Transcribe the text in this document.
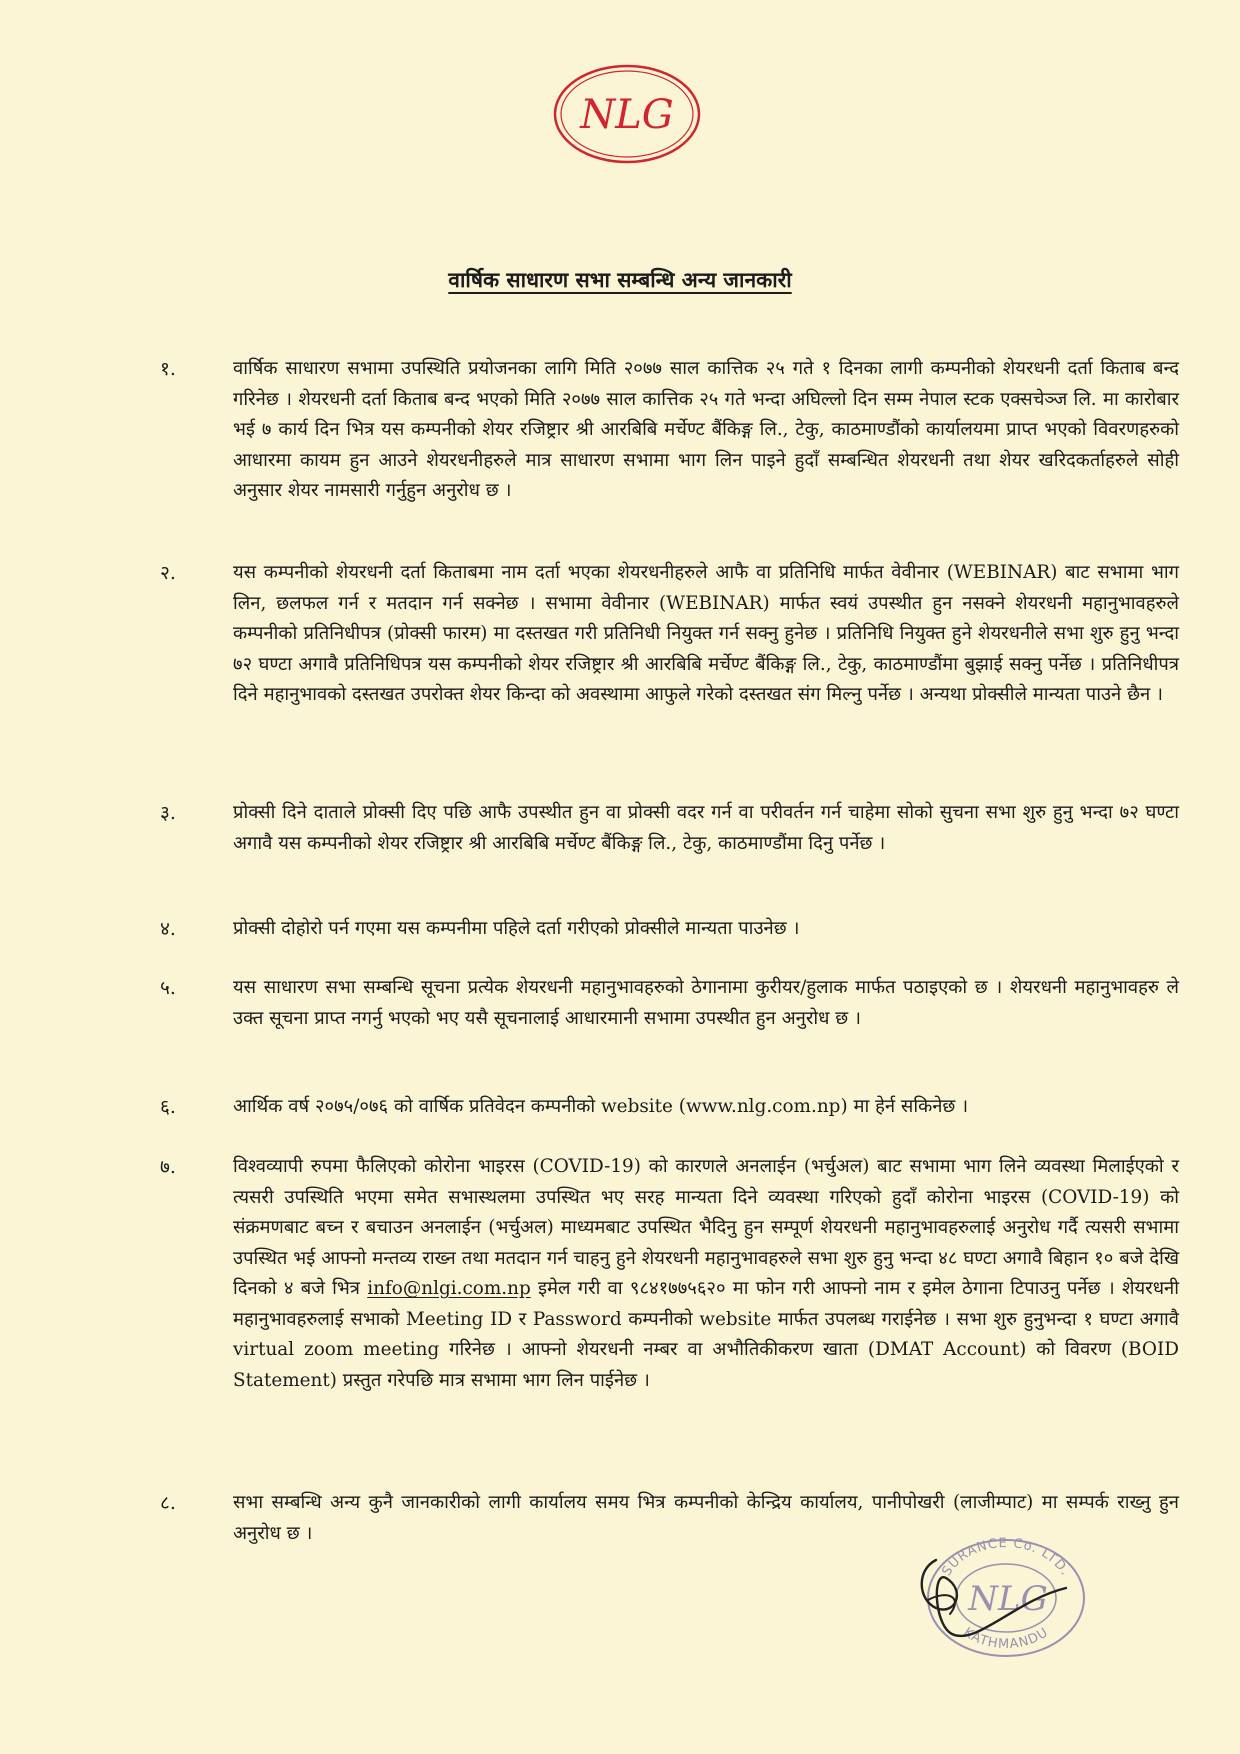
NLG
वार्षिक साधारण सभा सम्बन्धि अन्य जानकारी
१.	वार्षिक साधारण सभामा उपस्थिति प्रयोजनका लागि मिति २०७७ साल कात्तिक २५ गते १ दिनका लागी कम्पनीको शेयरधनी दर्ता किताब बन्द गरिनेछ । शेयरधनी दर्ता किताब बन्द भएको मिति २०७७ साल कात्तिक २५ गते भन्दा अघिल्लो दिन सम्म नेपाल स्टक एक्सचेञ्ज लि. मा कारोबार भई ७ कार्य दिन भित्र यस कम्पनीको शेयर रजिष्ट्रार श्री आरबिबि मर्चेण्ट बैंकिङ्ग लि., टेकु, काठमाण्डौंको कार्यालयमा प्राप्त भएको विवरणहरुको आधारमा कायम हुन आउने शेयरधनीहरुले मात्र साधारण सभामा भाग लिन पाइने हुदाँ सम्बन्धित शेयरधनी तथा शेयर खरिदकर्ताहरुले सोही अनुसार शेयर नामसारी गर्नुहुन अनुरोध छ ।
२.	यस कम्पनीको शेयरधनी दर्ता किताबमा नाम दर्ता भएका शेयरधनीहरुले आफै वा प्रतिनिधि मार्फत वेवीनार (WEBINAR) बाट सभामा भाग लिन, छलफल गर्न र मतदान गर्न सक्नेछ । सभामा वेवीनार (WEBINAR) मार्फत स्वयं उपस्थीत हुन नसक्ने शेयरधनी महानुभावहरुले कम्पनीको प्रतिनिधीपत्र (प्रोक्सी फारम) मा दस्तखत गरी प्रतिनिधी नियुक्त गर्न सक्नु हुनेछ । प्रतिनिधि नियुक्त हुने शेयरधनीले सभा शुरु हुनु भन्दा ७२ घण्टा अगावै प्रतिनिधिपत्र यस कम्पनीको शेयर रजिष्ट्रार श्री आरबिबि मर्चेण्ट बैंकिङ्ग लि., टेकु, काठमाण्डौंमा बुझाई सक्नु पर्नेछ । प्रतिनिधीपत्र दिने महानुभावको दस्तखत उपरोक्त शेयर किन्दा को अवस्थामा आफुले गरेको दस्तखत संग मिल्नु पर्नेछ । अन्यथा प्रोक्सीले मान्यता पाउने छैन ।
३.	प्रोक्सी दिने दाताले प्रोक्सी दिए पछि आफै उपस्थीत हुन वा प्रोक्सी वदर गर्न वा परीवर्तन गर्न चाहेमा सोको सुचना सभा शुरु हुनु भन्दा ७२ घण्टा अगावै यस कम्पनीको शेयर रजिष्ट्रार श्री आरबिबि मर्चेण्ट बैंकिङ्ग लि., टेकु, काठमाण्डौंमा दिनु पर्नेछ ।
४.	प्रोक्सी दोहोरो पर्न गएमा यस कम्पनीमा पहिले दर्ता गरीएको प्रोक्सीले मान्यता पाउनेछ ।
५.	यस साधारण सभा सम्बन्धि सूचना प्रत्येक शेयरधनी महानुभावहरुको ठेगानामा कुरीयर/हुलाक मार्फत पठाइएको छ । शेयरधनी महानुभावहरु ले उक्त सूचना प्राप्त नगर्नु भएको भए यसै सूचनालाई आधारमानी सभामा उपस्थीत हुन अनुरोध छ ।
६.	आर्थिक वर्ष २०७५/०७६ को वार्षिक प्रतिवेदन कम्पनीको website (www.nlg.com.np) मा हेर्न सकिनेछ ।
७.	विश्वव्यापी रुपमा फैलिएको कोरोना भाइरस (COVID-19) को कारणले अनलाईन (भर्चुअल) बाट सभामा भाग लिने व्यवस्था मिलाईएको र त्यसरी उपस्थिति भएमा समेत सभास्थलमा उपस्थित भए सरह मान्यता दिने व्यवस्था गरिएको हुदाँ कोरोना भाइरस (COVID-19) को संक्रमणबाट बच्न र बचाउन अनलाईन (भर्चुअल) माध्यमबाट उपस्थित भैदिनु हुन सम्पूर्ण शेयरधनी महानुभावहरुलाई अनुरोध गर्दै त्यसरी सभामा उपस्थित भई आफ्नो मन्तव्य राख्न तथा मतदान गर्न चाहनु हुने शेयरधनी महानुभावहरुले सभा शुरु हुनु भन्दा ४८ घण्टा अगावै बिहान १० बजे देखि दिनको ४ बजे भित्र info@nlgi.com.np इमेल गरी वा ९८४१७७५६२० मा फोन गरी आफ्नो नाम र इमेल ठेगाना टिपाउनु पर्नेछ । शेयरधनी महानुभावहरुलाई सभाको Meeting ID र Password कम्पनीको website मार्फत उपलब्ध गराईनेछ । सभा शुरु हुनुभन्दा १ घण्टा अगावै virtual zoom meeting गरिनेछ । आफ्नो शेयरधनी नम्बर वा अभौतिकीकरण खाता (DMAT Account) को विवरण (BOID Statement) प्रस्तुत गरेपछि मात्र सभामा भाग लिन पाईनेछ ।
८.	सभा सम्बन्धि अन्य कुनै जानकारीको लागी कार्यालय समय भित्र कम्पनीको केन्द्रिय कार्यालय, पानीपोखरी (लाजीम्पाट) मा सम्पर्क राख्नु हुन अनुरोध छ ।
SURANCE Co. LTD.
KATHMANDU
NLG
